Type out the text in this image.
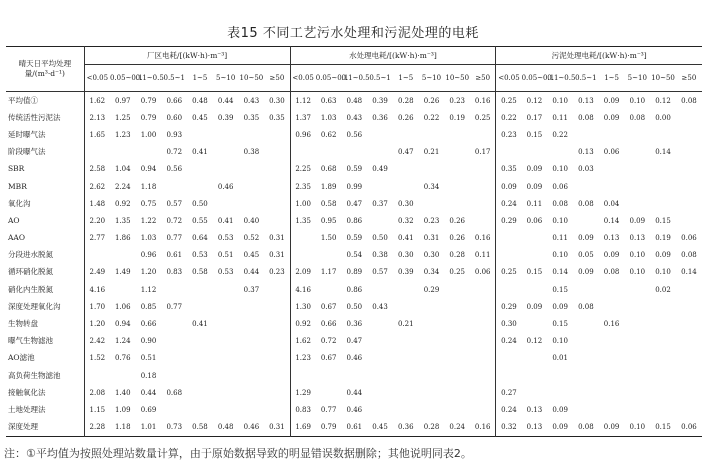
表15 不同工艺污水处理和污泥处理的电耗
晴天日平均处理量/(m³·d⁻¹)	厂区电耗/[(kW·h)·m⁻³]								水处理电耗/[(kW·h)·m⁻³]								污泥处理电耗/[(kW·h)·m⁻³]							
	<0.05	0.05~0.1	0.1~0.5	0.5~1	1~5	5~10	10~50	≥50	<0.05	0.05~0.1	0.1~0.5	0.5~1	1~5	5~10	10~50	≥50	<0.05	0.05~0.1	0.1~0.5	0.5~1	1~5	5~10	10~50	≥50
平均值①	1.62	0.97	0.79	0.66	0.48	0.44	0.43	0.30	1.12	0.63	0.48	0.39	0.28	0.26	0.23	0.16	0.25	0.12	0.10	0.13	0.09	0.10	0.12	0.08
传统活性污泥法	2.13	1.25	0.79	0.60	0.45	0.39	0.35	0.35	1.37	1.03	0.43	0.36	0.26	0.22	0.19	0.25	0.22	0.17	0.11	0.08	0.09	0.08	0.00	
延时曝气法	1.65	1.23	1.00	0.93					0.96	0.62	0.56						0.23	0.15	0.22					
阶段曝气法				0.72	0.41		0.38						0.47	0.21		0.17				0.13	0.06		0.14	
SBR	2.58	1.04	0.94	0.56					2.25	0.68	0.59	0.49					0.35	0.09	0.10	0.03				
MBR	2.62	2.24	1.18			0.46			2.35	1.89	0.99			0.34			0.09	0.09	0.06					
氧化沟	1.48	0.92	0.75	0.57	0.50				1.00	0.58	0.47	0.37	0.30				0.24	0.11	0.08	0.08	0.04			
AO	2.20	1.35	1.22	0.72	0.55	0.41	0.40		1.35	0.95	0.86		0.32	0.23	0.26		0.29	0.06	0.10		0.14	0.09	0.15	
AAO	2.77	1.86	1.03	0.77	0.64	0.53	0.52	0.31		1.50	0.59	0.50	0.41	0.31	0.26	0.16			0.11	0.09	0.13	0.13	0.19	0.06
分段进水脱氮			0.96	0.61	0.53	0.51	0.45	0.31			0.54	0.38	0.30	0.30	0.28	0.11			0.10	0.05	0.09	0.10	0.09	0.08
循环硝化脱氮	2.49	1.49	1.20	0.83	0.58	0.53	0.44	0.23	2.09	1.17	0.89	0.57	0.39	0.34	0.25	0.06	0.25	0.15	0.14	0.09	0.08	0.10	0.10	0.14
硝化内生脱氮	4.16		1.12				0.37		4.16		0.86			0.29					0.15				0.02	
深度处理氧化沟	1.70	1.06	0.85	0.77					1.30	0.67	0.50	0.43					0.29	0.09	0.09	0.08				
生物转盘	1.20	0.94	0.66		0.41				0.92	0.66	0.36		0.21				0.30		0.15		0.16			
曝气生物滤池	2.42	1.24	0.90						1.62	0.72	0.47						0.24	0.12	0.10					
AO滤池	1.52	0.76	0.51						1.23	0.67	0.46								0.01					
高负荷生物滤池			0.18																					
接触氧化法	2.08	1.40	0.44	0.68					1.29		0.44						0.27							
土地处理法	1.15	1.09	0.69						0.83	0.77	0.46						0.24	0.13	0.09					
深度处理	2.28	1.18	1.01	0.73	0.58	0.48	0.46	0.31	1.69	0.79	0.61	0.45	0.36	0.28	0.24	0.16	0.32	0.13	0.09	0.08	0.09	0.10	0.15	0.06
注：①平均值为按照处理站数量计算，由于原始数据导致的明显错误数据删除；其他说明同表2。
